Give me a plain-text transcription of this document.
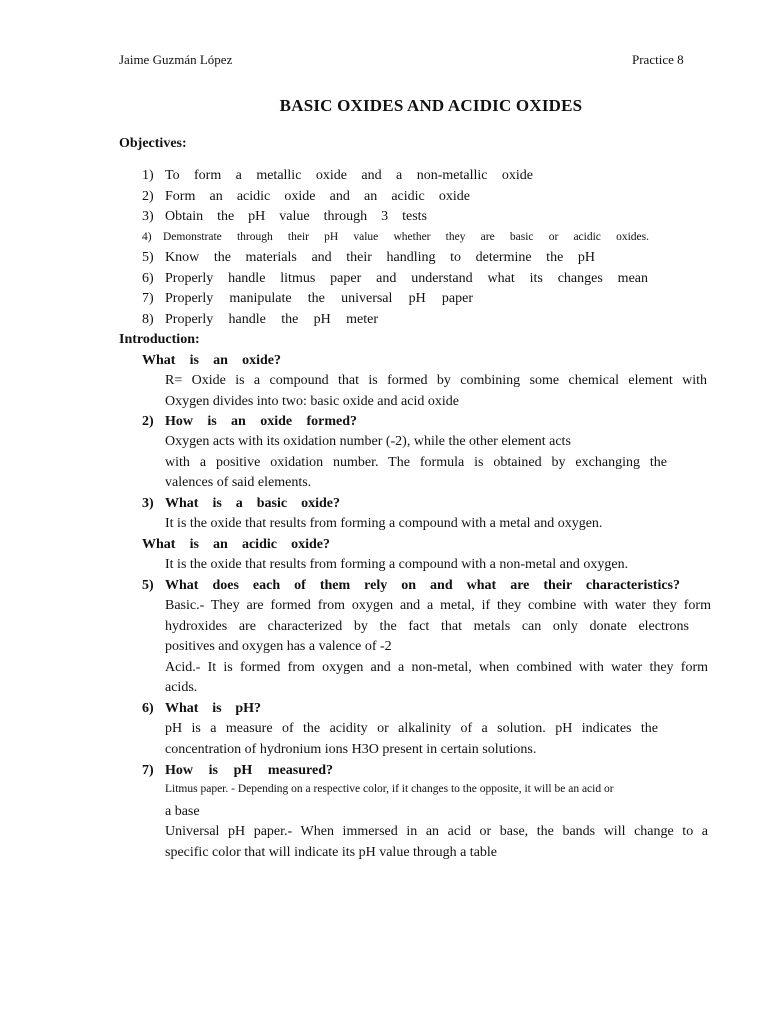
Jaime Guzmán López	Practice 8
BASIC OXIDES AND ACIDIC OXIDES
Objectives:
1) To form a metallic oxide and a non-metallic oxide
2) Form an acidic oxide and an acidic oxide
3) Obtain the pH value through 3 tests
4) Demonstrate through their pH value whether they are basic or acidic oxides.
5) Know the materials and their handling to determine the pH
6) Properly handle litmus paper and understand what its changes mean
7) Properly manipulate the universal pH paper
8) Properly handle the pH meter
Introduction:
What is an oxide?
R= Oxide is a compound that is formed by combining some chemical element with
Oxygen divides into two: basic oxide and acid oxide
2) How is an oxide formed?
Oxygen acts with its oxidation number (-2), while the other element acts
with a positive oxidation number. The formula is obtained by exchanging the
valences of said elements.
3) What is a basic oxide?
It is the oxide that results from forming a compound with a metal and oxygen.
What is an acidic oxide?
It is the oxide that results from forming a compound with a non-metal and oxygen.
5) What does each of them rely on and what are their characteristics?
Basic.- They are formed from oxygen and a metal, if they combine with water they form
hydroxides are characterized by the fact that metals can only donate electrons
positives and oxygen has a valence of -2
Acid.- It is formed from oxygen and a non-metal, when combined with water they form
acids.
6) What is pH?
pH is a measure of the acidity or alkalinity of a solution. pH indicates the
concentration of hydronium ions H3O present in certain solutions.
7) How is pH measured?
Litmus paper. - Depending on a respective color, if it changes to the opposite, it will be an acid or
a base
Universal pH paper.- When immersed in an acid or base, the bands will change to a
specific color that will indicate its pH value through a table
